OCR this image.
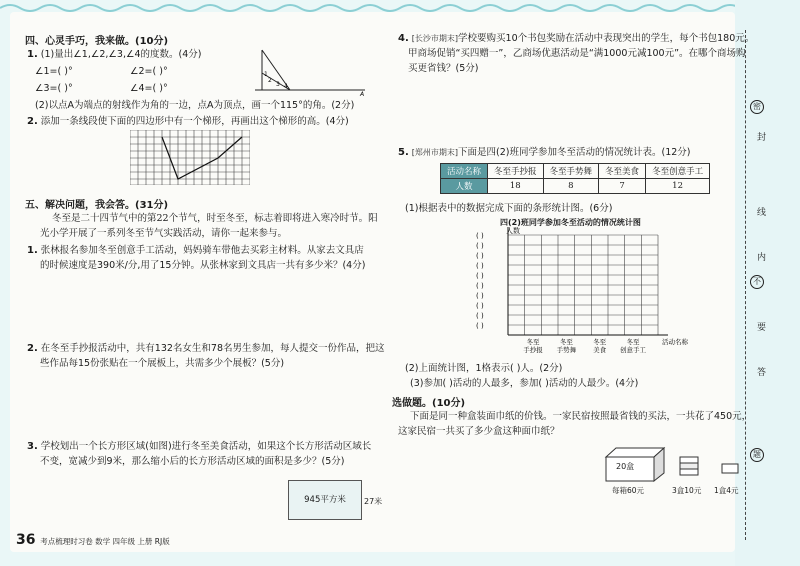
密
封
线
内
不
要
答
题
四、心灵手巧，我来做。(10分)
1. (1)量出∠1,∠2,∠3,∠4的度数。(4分)
∠1=( )°	∠2=( )°
∠3=( )°	∠4=( )°
1
2
3 4
A
(2)以点A为端点的射线作为角的一边，点A为顶点，画一个115°的角。(2分)
2. 添加一条线段使下面的四边形中有一个梯形，再画出这个梯形的高。(4分)
五、解决问题，我会答。(31分)
冬至是二十四节气中的第22个节气，时至冬至，标志着即将进入寒冷时节。阳
光小学开展了一系列冬至节气实践活动，请你一起来参与。
1. 张林报名参加冬至创意手工活动，妈妈骑车带他去买彩主材料。从家去文具店
的时候速度是390米/分,用了15分钟。从张林家到文具店一共有多少米？(4分)
2. 在冬至手抄报活动中，共有132名女生和78名男生参加，每人提交一份作品，把这
些作品每15份张贴在一个展板上，共需多少个展板？(5分)
3. 学校划出一个长方形区域(如图)进行冬至美食活动，如果这个长方形活动区域长
不变，宽减少到9米，那么缩小后的长方形活动区域的面积是多少？(5分)
945平方米	27米
36 考点梳理时习卷 数学 四年级 上册 RJ版
4. [长沙市期末]学校要购买10个书包奖励在活动中表现突出的学生，每个书包180元。
甲商场促销“买四赠一”，乙商场优惠活动是“满1000元减100元”。在哪个商场购
买更省钱？(5分)
5. [郑州市期末]下面是四(2)班同学参加冬至活动的情况统计表。(12分)
活动名称	冬至手抄报	冬至手势舞	冬至美食	冬至创意手工
人数	18	8	7	12
(1)根据表中的数据完成下面的条形统计图。(6分)
四(2)班同学参加冬至活动的情况统计图
人数
( )
( )
( )
( )
( )
( )
( )
( )
( )
( )
冬至
手抄报
冬至
手势舞
冬至
美食
冬至
创意手工
活动名称
(2)上面统计图，1格表示( )人。(2分)
(3)参加( )活动的人最多，参加( )活动的人最少。(4分)
选做题。(10分)
下面是同一种盒装面巾纸的价钱。一家民宿按照最省钱的买法，一共花了450元，
这家民宿一共买了多少盒这种面巾纸？
20盒
每箱60元	3盒10元 1盒4元
